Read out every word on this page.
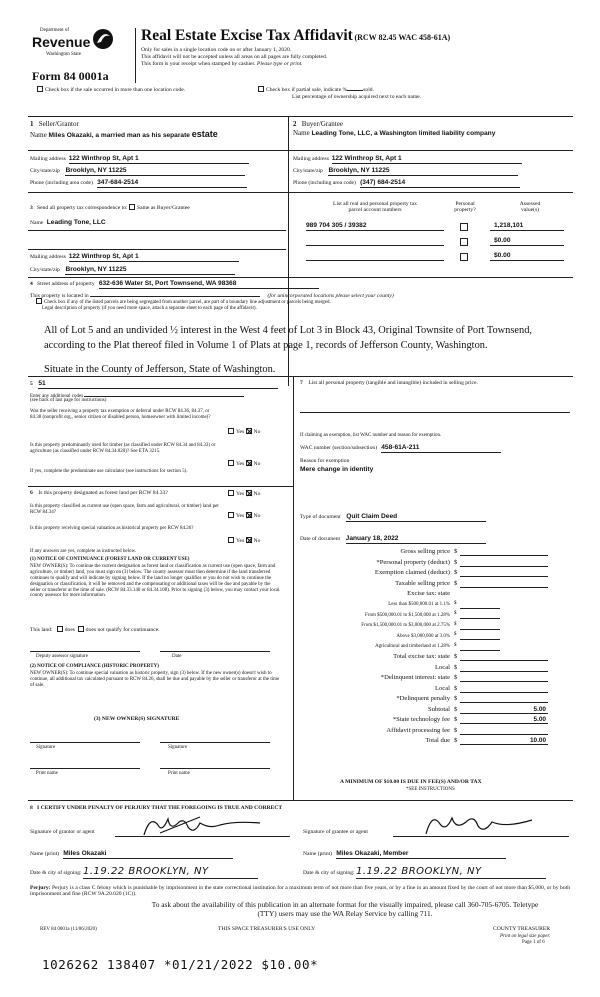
Department of
Revenue
Washington State
Real Estate Excise Tax Affidavit (RCW 82.45 WAC 458-61A)
Only for sales in a single location code on or after January 1, 2020.
This affidavit will not be accepted unless all areas on all pages are fully completed.
This form is your receipt when stamped by cashier. Please type or print.
Form 84 0001a
Check box if the sale occurred in more than one location code.	Check box if partial sale, indicate %	sold.
List percentage of ownership acquired next to each name.
1 Seller/Grantor
Name Miles Okazaki, a married man as his separate estate
2 Buyer/Grantee
Name Leading Tone, LLC, a Washington limited liability company
Mailing address 122 Winthrop St, Apt 1
City/state/zip Brooklyn, NY 11225
Phone (including area code) 347-684-2514
Mailing address 122 Winthrop St, Apt 1
City/state/zip Brooklyn, NY 11225
Phone (including area code) (347) 684-2514
3 Send all property tax correspondence to: Same as Buyer/Grantee
Name Leading Tone, LLC
Mailing address 122 Winthrop St, Apt 1
City/state/zip Brooklyn, NY 11225
List all real and personal property tax
parcel account numbers
Personal
property?
Assessed
value(s)
989 704 305 / 39382	1,218,101
$0.00
$0.00
4 Street address of property 632-636 Water St, Port Townsend, WA 98368
This property is located in	(for unincorporated locations please select your county)
Check box if any of the listed parcels are being segregated from another parcel, are part of a boundary line adjustment or parcels being merged.
Legal description of property (if you need more space, attach a separate sheet to each page of the affidavit).
All of Lot 5 and an undivided ½ interest in the West 4 feet of Lot 3 in Block 43, Original Townsite of Port Townsend, according to the Plat thereof filed in Volume 1 of Plats at page 1, records of Jefferson County, Washington.
Situate in the County of Jefferson, State of Washington.
5 51
Enter any additional codes
(see back of last page for instructions)
Was the seller receiving a property tax exemption or deferral under RCW 84.36, 84.37, or 84.38 (nonprofit org., senior citizen or disabled person, homeowner with limited income)?
Yes No
Is this property predominantly used for timber (as classified under RCW 84.34 and 84.33) or agriculture (as classified under RCW 84.34.020)? See ETA 3215.
Yes No
If yes, complete the predominate use calculator (see instructions for section 5).
6 Is this property designated as forest land per RCW 84.33?	Yes No
Is this property classified as current use (open space, farm and agricultural, or timber) land per RCW 84.34?
Yes No
Is this property receiving special valuation as historical property per RCW 84.26?
Yes No
If any answers are yes, complete as instructed below.
(1) NOTICE OF CONTINUANCE (FOREST LAND OR CURRENT USE)
NEW OWNER(S): To continue the current designation as forest land or classification as current use (open space, farm and agriculture, or timber) land, you must sign on (3) below. The county assessor must then determine if the land transferred continues to qualify and will indicate by signing below. If the land no longer qualifies or you do not wish to continue the designation or classification, it will be removed and the compensating or additional taxes will be due and payable by the seller or transferor at the time of sale. (RCW 84.33.140 or 84.34.108). Prior to signing (3) below, you may contact your local county assessor for more information.
This land: does does not qualify for continuance.
Deputy assessor signature	Date
(2) NOTICE OF COMPLIANCE (HISTORIC PROPERTY)
NEW OWNER(S): To continue special valuation as historic property, sign (3) below. If the new owner(s) doesn't wish to continue, all additional tax calculated pursuant to RCW 84.26, shall be due and payable by the seller or transferor at the time of sale.
(3) NEW OWNER(S) SIGNATURE
Signature	Signature
Print name	Print name
7 List all personal property (tangible and intangible) included in selling price.
If claiming an exemption, list WAC number and reason for exemption.
WAC number (section/subsection) 458-61A-211
Reason for exemption
Mere change in identity
Type of document Quit Claim Deed
Date of document January 18, 2022
Gross selling price $
*Personal property (deduct) $
Exemption claimed (deduct) $
Taxable selling price $
Excise tax: state
Less than $500,000.01 at 1.1% $
From $500,000.01 to $1,500,000 at 1.28% $
From $1,500,000.01 to $3,000,000 at 2.75% $
Above $3,000,000 at 3.0% $
Agricultural and timberland at 1.28% $
Total excise tax: state $
Local $
*Delinquent interest: state $
Local $
*Delinquent penalty $
Subtotal $	5.00
*State technology fee $	5.00
Affidavit processing fee $
Total due $	10.00
A MINIMUM OF $10.00 IS DUE IN FEE(S) AND/OR TAX
*SEE INSTRUCTIONS
8 I CERTIFY UNDER PENALTY OF PERJURY THAT THE FOREGOING IS TRUE AND CORRECT
Signature of grantor or agent	Signature of grantee or agent
Name (print) Miles Okazaki	Name (print) Miles Okazaki, Member
Date & city of signing: 1.19.22 BROOKLYN, NY	Date & city of signing: 1.19.22 BROOKLYN, NY
Perjury: Perjury is a class C felony which is punishable by imprisonment in the state correctional institution for a maximum term of not more than five years, or by a fine in an amount fixed by the court of not more than $5,000, or by both imprisonment and fine (RCW 9A.20.020 (1C)).
To ask about the availability of this publication in an alternate format for the visually impaired, please call 360-705-6705. Teletype (TTY) users may use the WA Relay Service by calling 711.
REV 84 0001a (11/06/2020)	THIS SPACE TREASURER'S USE ONLY	COUNTY TREASURER
Print on legal size paper.
Page 1 of 6
1026262 138407 *01/21/2022 $10.00*
